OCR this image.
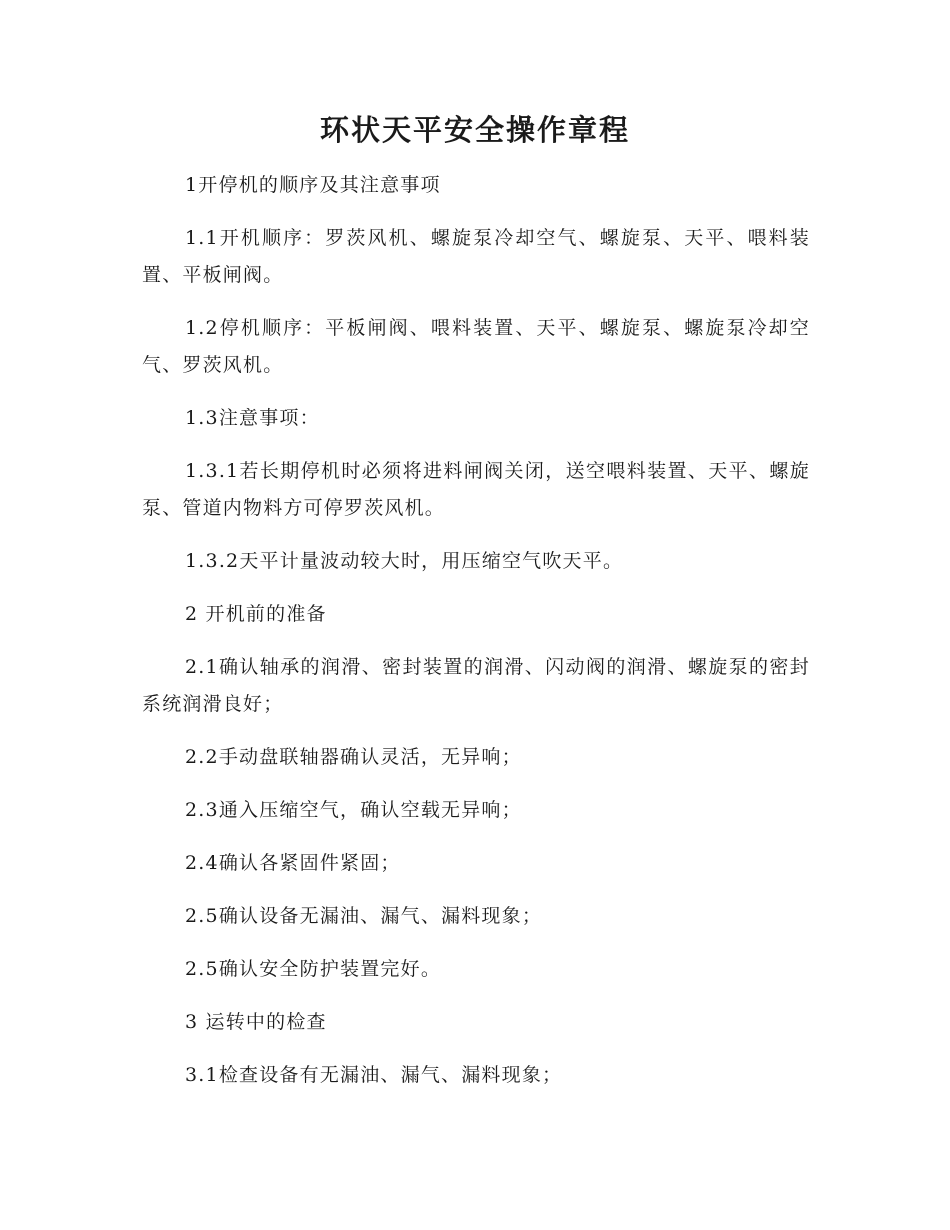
环状天平安全操作章程

1开停机的顺序及其注意事项

1.1开机顺序：罗茨风机、螺旋泵冷却空气、螺旋泵、天平、喂料装置、平板闸阀。

1.2停机顺序：平板闸阀、喂料装置、天平、螺旋泵、螺旋泵冷却空气、罗茨风机。

1.3注意事项：

1.3.1若长期停机时必须将进料闸阀关闭，送空喂料装置、天平、螺旋泵、管道内物料方可停罗茨风机。

1.3.2天平计量波动较大时，用压缩空气吹天平。

2 开机前的准备

2.1确认轴承的润滑、密封装置的润滑、闪动阀的润滑、螺旋泵的密封系统润滑良好；

2.2手动盘联轴器确认灵活，无异响；

2.3通入压缩空气，确认空载无异响；

2.4确认各紧固件紧固；

2.5确认设备无漏油、漏气、漏料现象；

2.5确认安全防护装置完好。

3 运转中的检查

3.1检查设备有无漏油、漏气、漏料现象；
